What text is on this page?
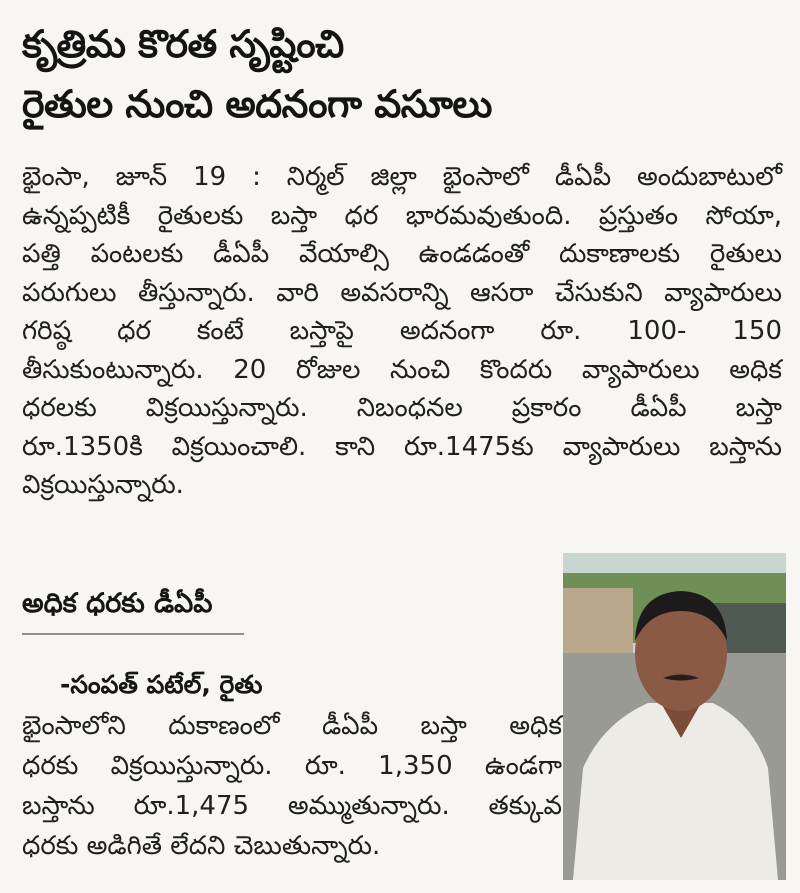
కృత్రిమ కొరత సృష్టించి
రైతుల నుంచి అదనంగా వసూలు
భైంసా, జూన్ 19 : నిర్మల్ జిల్లా భైంసాలో డీఏపీ అందుబాటులో
ఉన్నప్పటికీ రైతులకు బస్తా ధర భారమవుతుంది. ప్రస్తుతం సోయా,
పత్తి పంటలకు డీఏపీ వేయాల్సి ఉండడంతో దుకాణాలకు రైతులు
పరుగులు తీస్తున్నారు. వారి అవసరాన్ని ఆసరా చేసుకుని వ్యాపారులు
గరిష్ఠ ధర కంటే బస్తాపై అదనంగా రూ. 100- 150
తీసుకుంటున్నారు. 20 రోజుల నుంచి కొందరు వ్యాపారులు అధిక
ధరలకు విక్రయిస్తున్నారు. నిబంధనల ప్రకారం డీఏపీ బస్తా
రూ.1350కి విక్రయించాలి. కాని రూ.1475కు వ్యాపారులు బస్తాను
విక్రయిస్తున్నారు.
అధిక ధరకు డీఏపీ
-సంపత్ పటేల్, రైతు
భైంసాలోని దుకాణంలో డీఏపీ బస్తా అధిక
ధరకు విక్రయిస్తున్నారు. రూ. 1,350 ఉండగా
బస్తాను రూ.1,475 అమ్ముతున్నారు. తక్కువ
ధరకు అడిగితే లేదని చెబుతున్నారు.
